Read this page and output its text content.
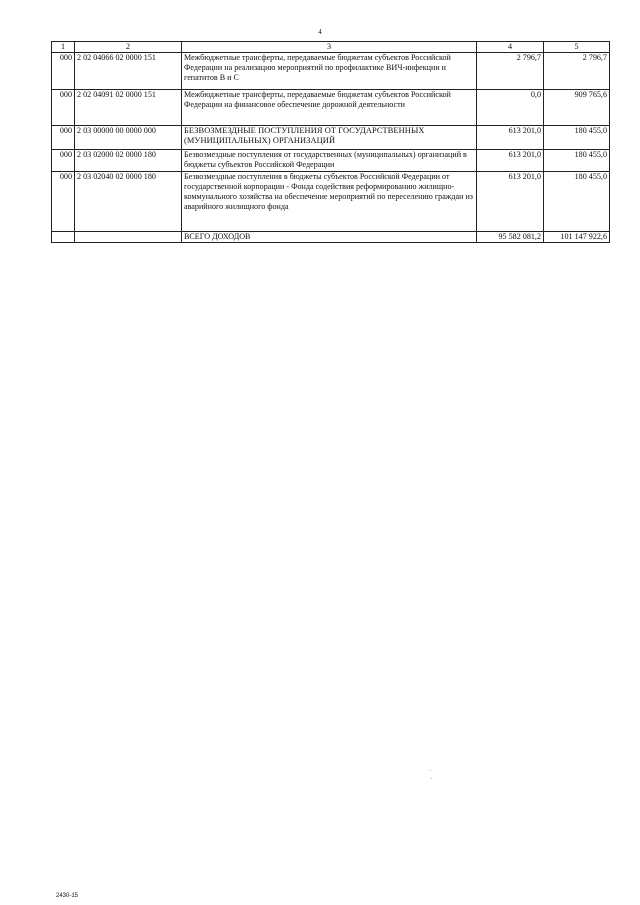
4
1	2	3	4	5
000	2 02 04066 02 0000 151	Межбюджетные трансферты, передаваемые бюджетам субъектов Российской Федерации на реализацию мероприятий по профилактике ВИЧ-инфекции и гепатитов В и С	2 796,7	2 796,7
000	2 02 04091 02 0000 151	Межбюджетные трансферты, передаваемые бюджетам субъектов Российской Федерации на финансовое обеспечение дорожной деятельности	0,0	909 765,6
000	2 03 00000 00 0000 000	БЕЗВОЗМЕЗДНЫЕ ПОСТУПЛЕНИЯ ОТ ГОСУДАРСТВЕННЫХ (МУНИЦИПАЛЬНЫХ) ОРГАНИЗАЦИЙ	613 201,0	180 455,0
000	2 03 02000 02 0000 180	Безвозмездные поступления от государственных (муниципальных) организаций в бюджеты субъектов Российской Федерации	613 201,0	180 455,0
000	2 03 02040 02 0000 180	Безвозмездные поступления в бюджеты субъектов Российской Федерации от государственной корпорации - Фонда содействия реформированию жилищно-коммунального хозяйства на обеспечение мероприятий по переселению граждан из аварийного жилищного фонда	613 201,0	180 455,0
		ВСЕГО ДОХОДОВ	95 582 081,2	101 147 922,6
2430-15
